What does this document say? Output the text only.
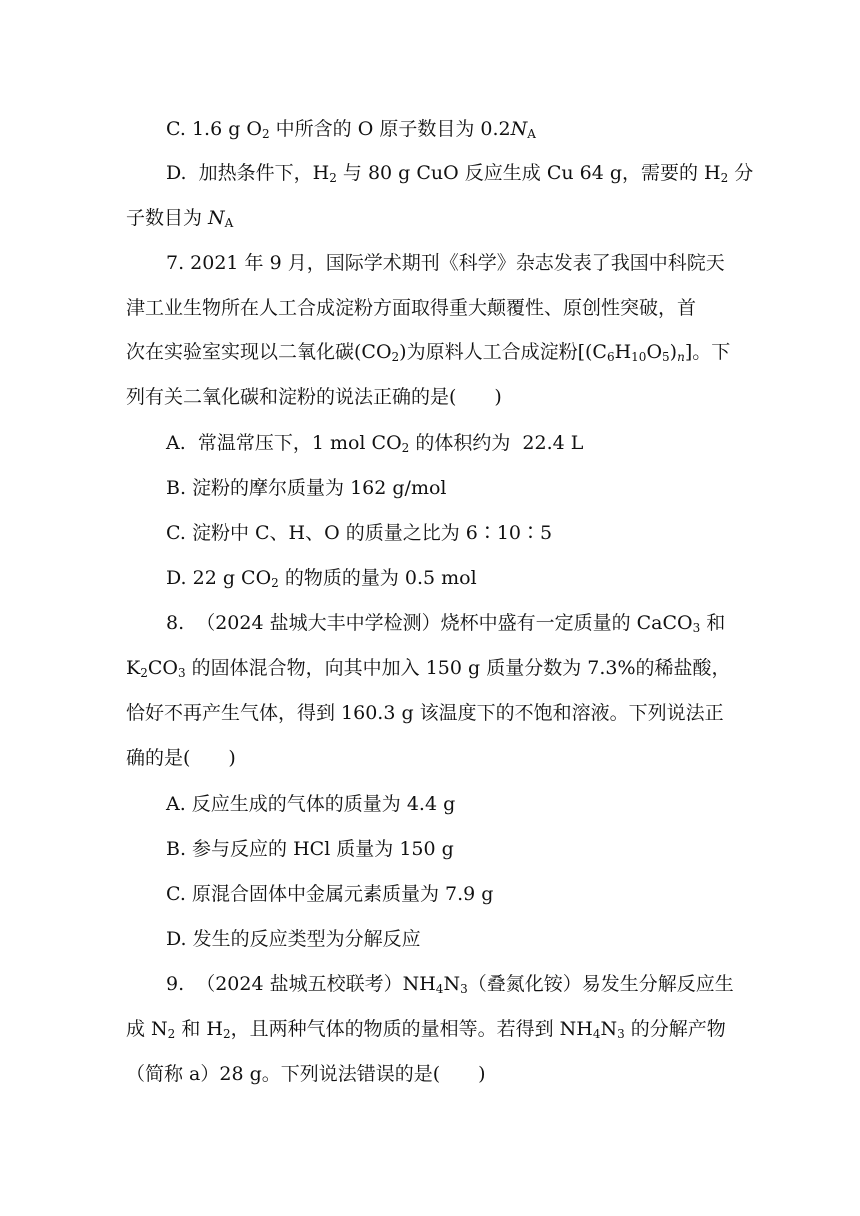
C. 1.6 g $O_2$ 中所含的 O 原子数目为 $0.2N_A$
D.  加热条件下，$H_2$ 与 80 g CuO 反应生成 Cu 64 g，需要的 $H_2$ 分
子数目为 $N_A$
7. 2021 年 9 月，国际学术期刊《科学》杂志发表了我国中科院天
津工业生物所在人工合成淀粉方面取得重大颠覆性、原创性突破，首
次在实验室实现以二氧化碳$(CO_2)$为原料人工合成淀粉$[(C_6H_{10}O_5)_n]$。下
列有关二氧化碳和淀粉的说法正确的是(　　)
A.  常温常压下，1 mol $CO_2$ 的体积约为  22.4 L
B. 淀粉的摩尔质量为 162 g/mol
C. 淀粉中 C、H、O 的质量之比为 6∶10∶5
D. 22 g $CO_2$ 的物质的量为 0.5 mol
8.  （2024 盐城大丰中学检测）烧杯中盛有一定质量的 CaCO$_3$ 和
$K_2CO_3$ 的固体混合物，向其中加入 150 g 质量分数为 7.3%的稀盐酸，
恰好不再产生气体，得到 160.3 g 该温度下的不饱和溶液。下列说法正
确的是(　　)
A. 反应生成的气体的质量为 4.4 g
B. 参与反应的 HCl 质量为 150 g
C. 原混合固体中金属元素质量为 7.9 g
D. 发生的反应类型为分解反应
9.  （2024 盐城五校联考）$NH_4N_3$（叠氮化铵）易发生分解反应生
成 $N_2$ 和 $H_2$，且两种气体的物质的量相等。若得到 $NH_4N_3$ 的分解产物
（简称 a）28 g。下列说法错误的是(　　)
